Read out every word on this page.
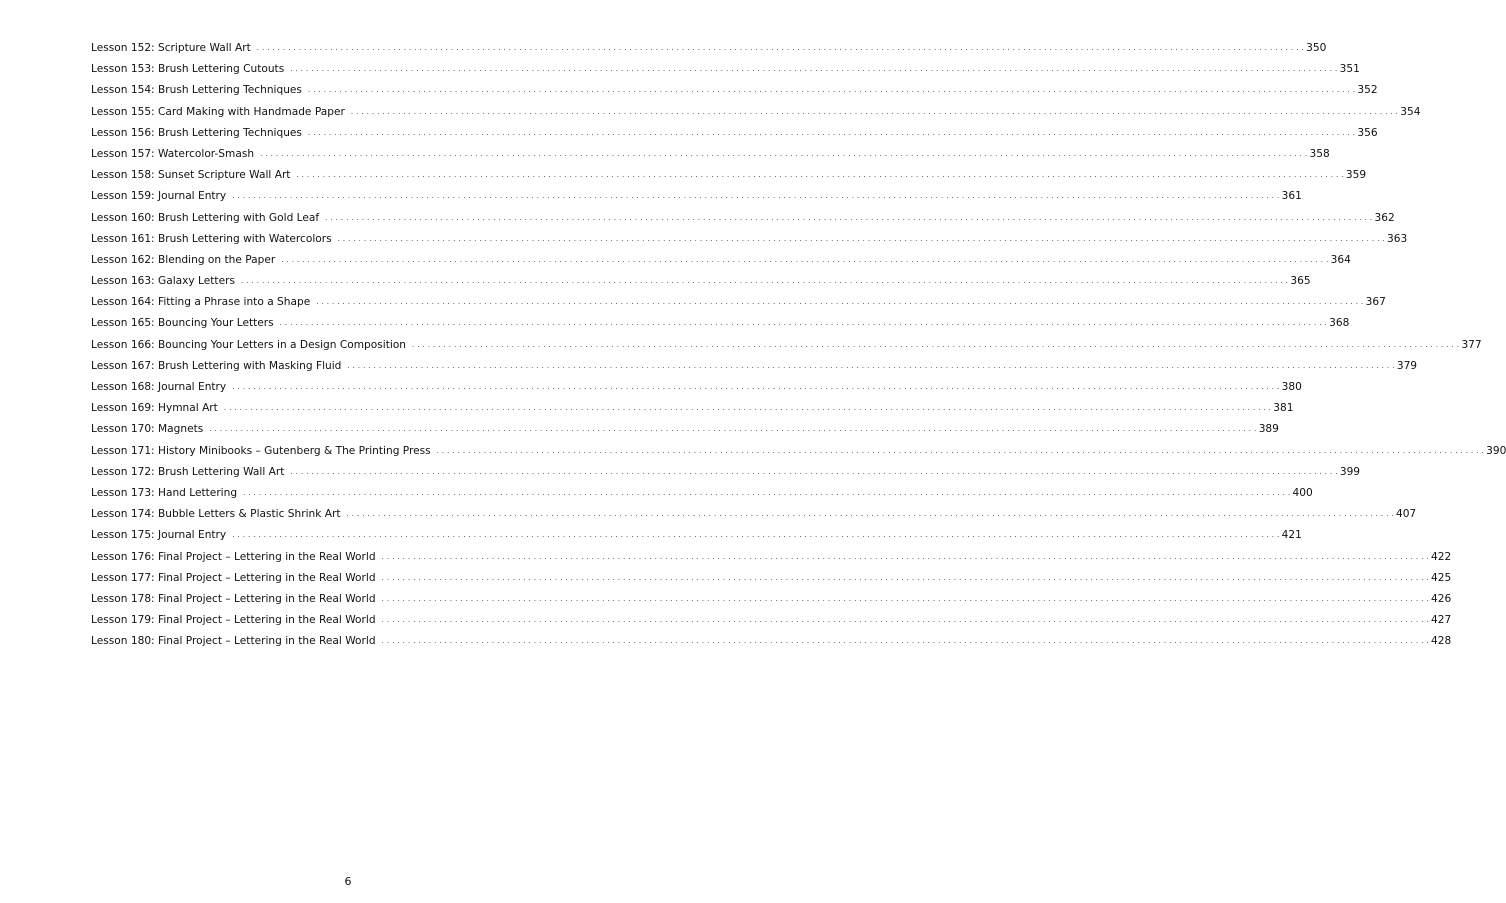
Lesson 152: Scripture Wall Art . . . . . . . . . . . . . . . . . . . . . . . . . . . . . . . . . . . . . . . . . . . . . . . . . . . . . . . . . . . . . . . . . . . . . . . . . . . . . . . . . . . . . . . . . . . . . . . . . . . . . . . . . . . . . . . . . . . . . . . . . . . . . . . . . . . . . . . . . . . . . . . . . . . . . . . . . . . . . . . . . . . . . . . . . . . . . . . . . . . . . . . . . . . . . . . . . . . . . . . . 350
Lesson 153: Brush Lettering Cutouts . . . . . . . . . . . . . . . . . . . . . . . . . . . . . . . . . . . . . . . . . . . . . . . . . . . . . . . . . . . . . . . . . . . . . . . . . . . . . . . . . . . . . . . . . . . . . . . . . . . . . . . . . . . . . . . . . . . . . . . . . . . . . . . . . . . . . . . . . . . . . . . . . . . . . . . . . . . . . . . . . . . . . . . . . . . . . . . . . . . . . . . . . . . . . . . . . . . . . . . . 351
Lesson 154: Brush Lettering Techniques . . . . . . . . . . . . . . . . . . . . . . . . . . . . . . . . . . . . . . . . . . . . . . . . . . . . . . . . . . . . . . . . . . . . . . . . . . . . . . . . . . . . . . . . . . . . . . . . . . . . . . . . . . . . . . . . . . . . . . . . . . . . . . . . . . . . . . . . . . . . . . . . . . . . . . . . . . . . . . . . . . . . . . . . . . . . . . . . . . . . . . . . . . . . . . . . . . . . . . . . 352
Lesson 155: Card Making with Handmade Paper . . . . . . . . . . . . . . . . . . . . . . . . . . . . . . . . . . . . . . . . . . . . . . . . . . . . . . . . . . . . . . . . . . . . . . . . . . . . . . . . . . . . . . . . . . . . . . . . . . . . . . . . . . . . . . . . . . . . . . . . . . . . . . . . . . . . . . . . . . . . . . . . . . . . . . . . . . . . . . . . . . . . . . . . . . . . . . . . . . . . . . . . . . . . . . . . . . . . . . . . 354
Lesson 156: Brush Lettering Techniques . . . . . . . . . . . . . . . . . . . . . . . . . . . . . . . . . . . . . . . . . . . . . . . . . . . . . . . . . . . . . . . . . . . . . . . . . . . . . . . . . . . . . . . . . . . . . . . . . . . . . . . . . . . . . . . . . . . . . . . . . . . . . . . . . . . . . . . . . . . . . . . . . . . . . . . . . . . . . . . . . . . . . . . . . . . . . . . . . . . . . . . . . . . . . . . . . . . . . . . . 356
Lesson 157: Watercolor-Smash . . . . . . . . . . . . . . . . . . . . . . . . . . . . . . . . . . . . . . . . . . . . . . . . . . . . . . . . . . . . . . . . . . . . . . . . . . . . . . . . . . . . . . . . . . . . . . . . . . . . . . . . . . . . . . . . . . . . . . . . . . . . . . . . . . . . . . . . . . . . . . . . . . . . . . . . . . . . . . . . . . . . . . . . . . . . . . . . . . . . . . . . . . . . . . . . . . . . . . . . 358
Lesson 158: Sunset Scripture Wall Art . . . . . . . . . . . . . . . . . . . . . . . . . . . . . . . . . . . . . . . . . . . . . . . . . . . . . . . . . . . . . . . . . . . . . . . . . . . . . . . . . . . . . . . . . . . . . . . . . . . . . . . . . . . . . . . . . . . . . . . . . . . . . . . . . . . . . . . . . . . . . . . . . . . . . . . . . . . . . . . . . . . . . . . . . . . . . . . . . . . . . . . . . . . . . . . . . . . . . . . . 359
Lesson 159: Journal Entry . . . . . . . . . . . . . . . . . . . . . . . . . . . . . . . . . . . . . . . . . . . . . . . . . . . . . . . . . . . . . . . . . . . . . . . . . . . . . . . . . . . . . . . . . . . . . . . . . . . . . . . . . . . . . . . . . . . . . . . . . . . . . . . . . . . . . . . . . . . . . . . . . . . . . . . . . . . . . . . . . . . . . . . . . . . . . . . . . . . . . . . . . . . . . . . . . . . . . . . . 361
Lesson 160: Brush Lettering with Gold Leaf . . . . . . . . . . . . . . . . . . . . . . . . . . . . . . . . . . . . . . . . . . . . . . . . . . . . . . . . . . . . . . . . . . . . . . . . . . . . . . . . . . . . . . . . . . . . . . . . . . . . . . . . . . . . . . . . . . . . . . . . . . . . . . . . . . . . . . . . . . . . . . . . . . . . . . . . . . . . . . . . . . . . . . . . . . . . . . . . . . . . . . . . . . . . . . . . . . . . . . . . 362
Lesson 161: Brush Lettering with Watercolors . . . . . . . . . . . . . . . . . . . . . . . . . . . . . . . . . . . . . . . . . . . . . . . . . . . . . . . . . . . . . . . . . . . . . . . . . . . . . . . . . . . . . . . . . . . . . . . . . . . . . . . . . . . . . . . . . . . . . . . . . . . . . . . . . . . . . . . . . . . . . . . . . . . . . . . . . . . . . . . . . . . . . . . . . . . . . . . . . . . . . . . . . . . . . . . . . . . . . . . . 363
Lesson 162: Blending on the Paper . . . . . . . . . . . . . . . . . . . . . . . . . . . . . . . . . . . . . . . . . . . . . . . . . . . . . . . . . . . . . . . . . . . . . . . . . . . . . . . . . . . . . . . . . . . . . . . . . . . . . . . . . . . . . . . . . . . . . . . . . . . . . . . . . . . . . . . . . . . . . . . . . . . . . . . . . . . . . . . . . . . . . . . . . . . . . . . . . . . . . . . . . . . . . . . . . . . . . . . . 364
Lesson 163: Galaxy Letters . . . . . . . . . . . . . . . . . . . . . . . . . . . . . . . . . . . . . . . . . . . . . . . . . . . . . . . . . . . . . . . . . . . . . . . . . . . . . . . . . . . . . . . . . . . . . . . . . . . . . . . . . . . . . . . . . . . . . . . . . . . . . . . . . . . . . . . . . . . . . . . . . . . . . . . . . . . . . . . . . . . . . . . . . . . . . . . . . . . . . . . . . . . . . . . . . . . . . . . . 365
Lesson 164: Fitting a Phrase into a Shape . . . . . . . . . . . . . . . . . . . . . . . . . . . . . . . . . . . . . . . . . . . . . . . . . . . . . . . . . . . . . . . . . . . . . . . . . . . . . . . . . . . . . . . . . . . . . . . . . . . . . . . . . . . . . . . . . . . . . . . . . . . . . . . . . . . . . . . . . . . . . . . . . . . . . . . . . . . . . . . . . . . . . . . . . . . . . . . . . . . . . . . . . . . . . . . . . . . . . . . . 367
Lesson 165: Bouncing Your Letters . . . . . . . . . . . . . . . . . . . . . . . . . . . . . . . . . . . . . . . . . . . . . . . . . . . . . . . . . . . . . . . . . . . . . . . . . . . . . . . . . . . . . . . . . . . . . . . . . . . . . . . . . . . . . . . . . . . . . . . . . . . . . . . . . . . . . . . . . . . . . . . . . . . . . . . . . . . . . . . . . . . . . . . . . . . . . . . . . . . . . . . . . . . . . . . . . . . . . . . . 368
Lesson 166: Bouncing Your Letters in a Design Composition . . . . . . . . . . . . . . . . . . . . . . . . . . . . . . . . . . . . . . . . . . . . . . . . . . . . . . . . . . . . . . . . . . . . . . . . . . . . . . . . . . . . . . . . . . . . . . . . . . . . . . . . . . . . . . . . . . . . . . . . . . . . . . . . . . . . . . . . . . . . . . . . . . . . . . . . . . . . . . . . . . . . . . . . . . . . . . . . . . . . . . . . . . . . . . . . . . . . . . . . 377
Lesson 167: Brush Lettering with Masking Fluid . . . . . . . . . . . . . . . . . . . . . . . . . . . . . . . . . . . . . . . . . . . . . . . . . . . . . . . . . . . . . . . . . . . . . . . . . . . . . . . . . . . . . . . . . . . . . . . . . . . . . . . . . . . . . . . . . . . . . . . . . . . . . . . . . . . . . . . . . . . . . . . . . . . . . . . . . . . . . . . . . . . . . . . . . . . . . . . . . . . . . . . . . . . . . . . . . . . . . . . . 379
Lesson 168: Journal Entry . . . . . . . . . . . . . . . . . . . . . . . . . . . . . . . . . . . . . . . . . . . . . . . . . . . . . . . . . . . . . . . . . . . . . . . . . . . . . . . . . . . . . . . . . . . . . . . . . . . . . . . . . . . . . . . . . . . . . . . . . . . . . . . . . . . . . . . . . . . . . . . . . . . . . . . . . . . . . . . . . . . . . . . . . . . . . . . . . . . . . . . . . . . . . . . . . . . . . . . . 380
Lesson 169: Hymnal Art . . . . . . . . . . . . . . . . . . . . . . . . . . . . . . . . . . . . . . . . . . . . . . . . . . . . . . . . . . . . . . . . . . . . . . . . . . . . . . . . . . . . . . . . . . . . . . . . . . . . . . . . . . . . . . . . . . . . . . . . . . . . . . . . . . . . . . . . . . . . . . . . . . . . . . . . . . . . . . . . . . . . . . . . . . . . . . . . . . . . . . . . . . . . . . . . . . . . . . . . 381
Lesson 170: Magnets . . . . . . . . . . . . . . . . . . . . . . . . . . . . . . . . . . . . . . . . . . . . . . . . . . . . . . . . . . . . . . . . . . . . . . . . . . . . . . . . . . . . . . . . . . . . . . . . . . . . . . . . . . . . . . . . . . . . . . . . . . . . . . . . . . . . . . . . . . . . . . . . . . . . . . . . . . . . . . . . . . . . . . . . . . . . . . . . . . . . . . . . . . . . . . . . . . . . . . . . 389
Lesson 171: History Minibooks – Gutenberg & The Printing Press . . . . . . . . . . . . . . . . . . . . . . . . . . . . . . . . . . . . . . . . . . . . . . . . . . . . . . . . . . . . . . . . . . . . . . . . . . . . . . . . . . . . . . . . . . . . . . . . . . . . . . . . . . . . . . . . . . . . . . . . . . . . . . . . . . . . . . . . . . . . . . . . . . . . . . . . . . . . . . . . . . . . . . . . . . . . . . . . . . . . . . . . . . . . . . . . . . . . . . . . 390
Lesson 172: Brush Lettering Wall Art . . . . . . . . . . . . . . . . . . . . . . . . . . . . . . . . . . . . . . . . . . . . . . . . . . . . . . . . . . . . . . . . . . . . . . . . . . . . . . . . . . . . . . . . . . . . . . . . . . . . . . . . . . . . . . . . . . . . . . . . . . . . . . . . . . . . . . . . . . . . . . . . . . . . . . . . . . . . . . . . . . . . . . . . . . . . . . . . . . . . . . . . . . . . . . . . . . . . . . . . 399
Lesson 173: Hand Lettering . . . . . . . . . . . . . . . . . . . . . . . . . . . . . . . . . . . . . . . . . . . . . . . . . . . . . . . . . . . . . . . . . . . . . . . . . . . . . . . . . . . . . . . . . . . . . . . . . . . . . . . . . . . . . . . . . . . . . . . . . . . . . . . . . . . . . . . . . . . . . . . . . . . . . . . . . . . . . . . . . . . . . . . . . . . . . . . . . . . . . . . . . . . . . . . . . . . . . . . . 400
Lesson 174: Bubble Letters & Plastic Shrink Art . . . . . . . . . . . . . . . . . . . . . . . . . . . . . . . . . . . . . . . . . . . . . . . . . . . . . . . . . . . . . . . . . . . . . . . . . . . . . . . . . . . . . . . . . . . . . . . . . . . . . . . . . . . . . . . . . . . . . . . . . . . . . . . . . . . . . . . . . . . . . . . . . . . . . . . . . . . . . . . . . . . . . . . . . . . . . . . . . . . . . . . . . . . . . . . . . . . . . . . . 407
Lesson 175: Journal Entry . . . . . . . . . . . . . . . . . . . . . . . . . . . . . . . . . . . . . . . . . . . . . . . . . . . . . . . . . . . . . . . . . . . . . . . . . . . . . . . . . . . . . . . . . . . . . . . . . . . . . . . . . . . . . . . . . . . . . . . . . . . . . . . . . . . . . . . . . . . . . . . . . . . . . . . . . . . . . . . . . . . . . . . . . . . . . . . . . . . . . . . . . . . . . . . . . . . . . . . . 421
Lesson 176: Final Project – Lettering in the Real World . . . . . . . . . . . . . . . . . . . . . . . . . . . . . . . . . . . . . . . . . . . . . . . . . . . . . . . . . . . . . . . . . . . . . . . . . . . . . . . . . . . . . . . . . . . . . . . . . . . . . . . . . . . . . . . . . . . . . . . . . . . . . . . . . . . . . . . . . . . . . . . . . . . . . . . . . . . . . . . . . . . . . . . . . . . . . . . . . . . . . . . . . . . . . . . . . . . . . . . . 422
Lesson 177: Final Project – Lettering in the Real World . . . . . . . . . . . . . . . . . . . . . . . . . . . . . . . . . . . . . . . . . . . . . . . . . . . . . . . . . . . . . . . . . . . . . . . . . . . . . . . . . . . . . . . . . . . . . . . . . . . . . . . . . . . . . . . . . . . . . . . . . . . . . . . . . . . . . . . . . . . . . . . . . . . . . . . . . . . . . . . . . . . . . . . . . . . . . . . . . . . . . . . . . . . . . . . . . . . . . . . . 425
Lesson 178: Final Project – Lettering in the Real World . . . . . . . . . . . . . . . . . . . . . . . . . . . . . . . . . . . . . . . . . . . . . . . . . . . . . . . . . . . . . . . . . . . . . . . . . . . . . . . . . . . . . . . . . . . . . . . . . . . . . . . . . . . . . . . . . . . . . . . . . . . . . . . . . . . . . . . . . . . . . . . . . . . . . . . . . . . . . . . . . . . . . . . . . . . . . . . . . . . . . . . . . . . . . . . . . . . . . . . . 426
Lesson 179: Final Project – Lettering in the Real World . . . . . . . . . . . . . . . . . . . . . . . . . . . . . . . . . . . . . . . . . . . . . . . . . . . . . . . . . . . . . . . . . . . . . . . . . . . . . . . . . . . . . . . . . . . . . . . . . . . . . . . . . . . . . . . . . . . . . . . . . . . . . . . . . . . . . . . . . . . . . . . . . . . . . . . . . . . . . . . . . . . . . . . . . . . . . . . . . . . . . . . . . . . . . . . . . . . . . . . . 427
Lesson 180: Final Project – Lettering in the Real World . . . . . . . . . . . . . . . . . . . . . . . . . . . . . . . . . . . . . . . . . . . . . . . . . . . . . . . . . . . . . . . . . . . . . . . . . . . . . . . . . . . . . . . . . . . . . . . . . . . . . . . . . . . . . . . . . . . . . . . . . . . . . . . . . . . . . . . . . . . . . . . . . . . . . . . . . . . . . . . . . . . . . . . . . . . . . . . . . . . . . . . . . . . . . . . . . . . . . . . . 428
6
